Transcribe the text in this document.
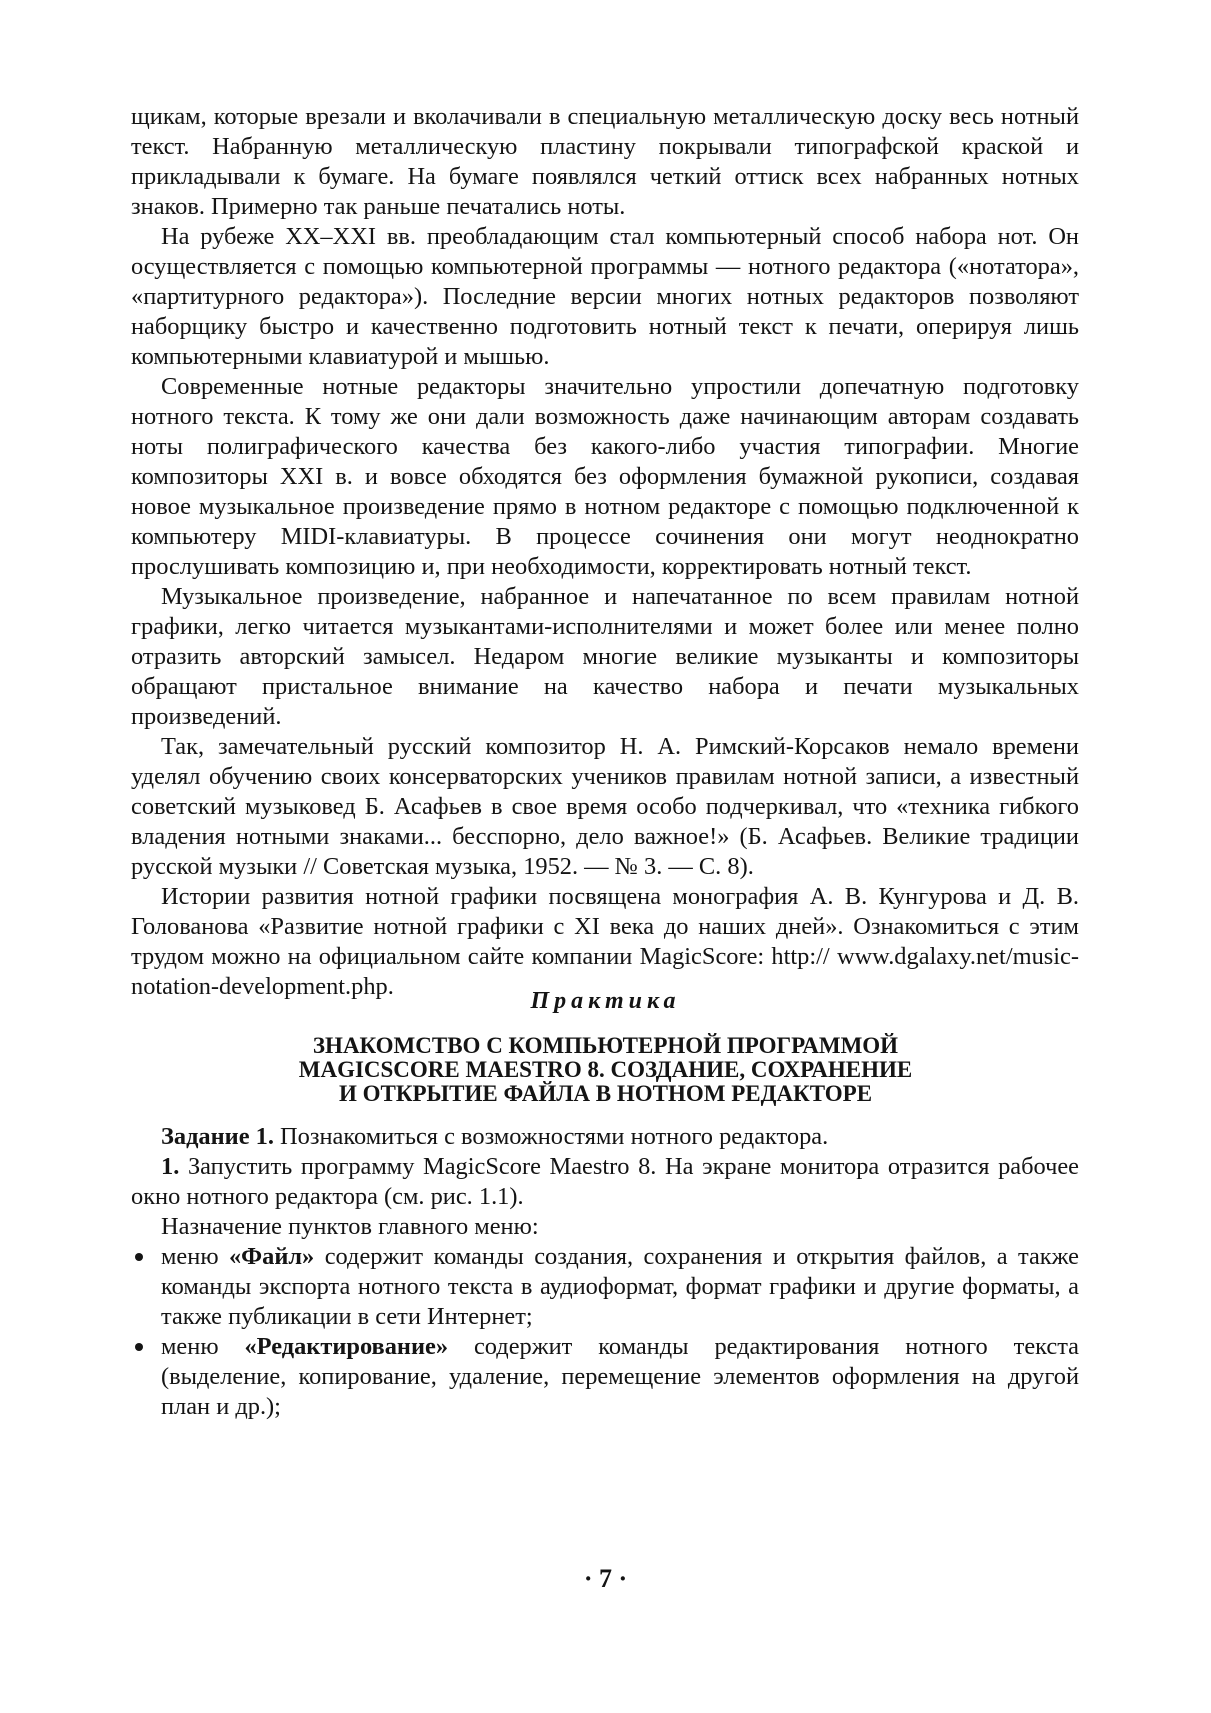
щикам, которые врезали и вколачивали в специальную металлическую доску весь нотный текст. Набранную металлическую пластину покрывали типографской краской и прикладывали к бумаге. На бумаге появлялся четкий оттиск всех набранных нотных знаков. Примерно так раньше печатались ноты.

На рубеже XX–XXI вв. преобладающим стал компьютерный способ набора нот. Он осуществляется с помощью компьютерной программы — нотного редактора («нотатора», «партитурного редактора»). Последние версии многих нотных редакторов позволяют наборщику быстро и качественно подготовить нотный текст к печати, оперируя лишь компьютерными клавиатурой и мышью.

Современные нотные редакторы значительно упростили допечатную подготовку нотного текста. К тому же они дали возможность даже начинающим авторам создавать ноты полиграфического качества без какого-либо участия типографии. Многие композиторы XXI в. и вовсе обходятся без оформления бумажной рукописи, создавая новое музыкальное произведение прямо в нотном редакторе с помощью подключенной к компьютеру MIDI-клавиатуры. В процессе сочинения они могут неоднократно прослушивать композицию и, при необходимости, корректировать нотный текст.

Музыкальное произведение, набранное и напечатанное по всем правилам нотной графики, легко читается музыкантами-исполнителями и может более или менее полно отразить авторский замысел. Недаром многие великие музыканты и композиторы обращают пристальное внимание на качество набора и печати музыкальных произведений.

Так, замечательный русский композитор Н. А. Римский-Корсаков немало времени уделял обучению своих консерваторских учеников правилам нотной записи, а известный советский музыковед Б. Асафьев в свое время особо подчеркивал, что «техника гибкого владения нотными знаками... бесспорно, дело важное!» (Б. Асафьев. Великие традиции русской музыки // Советская музыка, 1952. — № 3. — С. 8).

Истории развития нотной графики посвящена монография А. В. Кунгурова и Д. В. Голованова «Развитие нотной графики с XI века до наших дней». Ознакомиться с этим трудом можно на официальном сайте компании MagicScore: http:// www.dgalaxy.net/music-notation-development.php.

Практика
ЗНАКОМСТВО С КОМПЬЮТЕРНОЙ ПРОГРАММОЙ
MAGICSCORE MAESTRO 8. СОЗДАНИЕ, СОХРАНЕНИЕ
И ОТКРЫТИЕ ФАЙЛА В НОТНОМ РЕДАКТОРЕ

Задание 1. Познакомиться с возможностями нотного редактора.

1. Запустить программу MagicScore Maestro 8. На экране монитора отразится рабочее окно нотного редактора (см. рис. 1.1).

Назначение пунктов главного меню:

меню «Файл» содержит команды создания, сохранения и открытия файлов, а также команды экспорта нотного текста в аудиоформат, формат графики и другие форматы, а также публикации в сети Интернет;
меню «Редактирование» содержит команды редактирования нотного текста (выделение, копирование, удаление, перемещение элементов оформления на другой план и др.);
· 7 ·
